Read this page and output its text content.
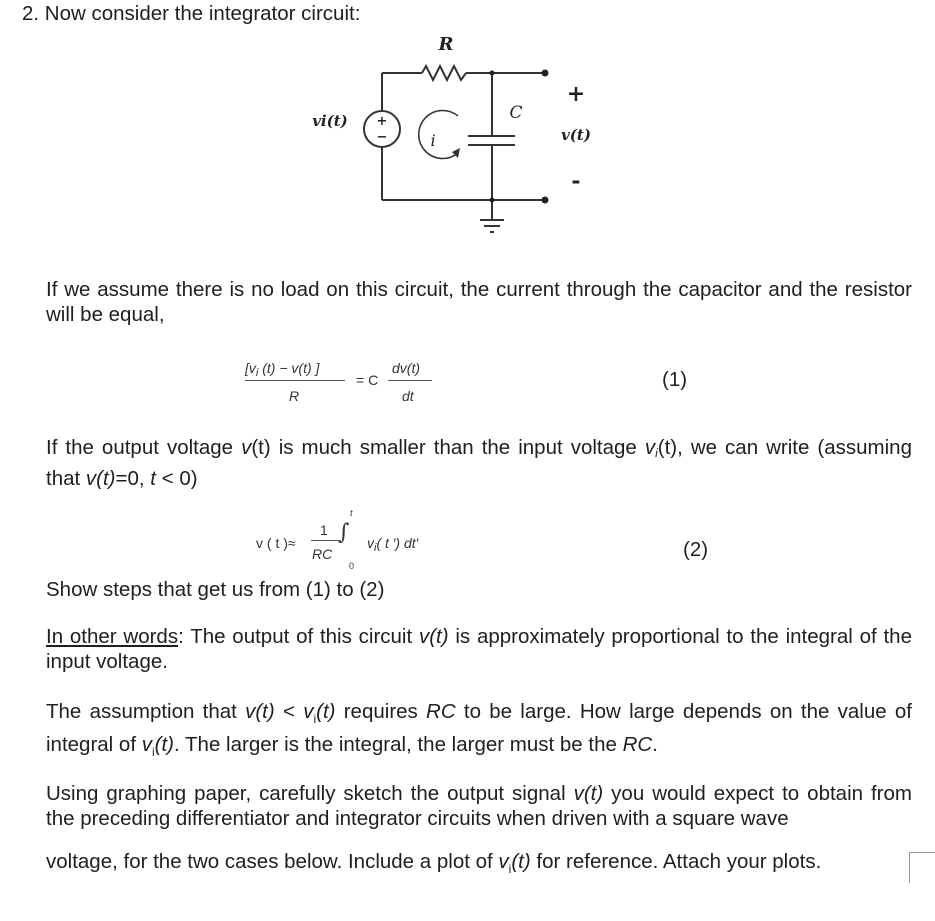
2. Now consider the integrator circuit:
+
−
R
C
i
vi(t)
+
v(t)
-
If we assume there is no load on this circuit, the current through the capacitor and the resistor will be equal,
[$v_i$ (t) − v(t) ]
R
= C
dv(t)
dt
(1)
If the output voltage v(t) is much smaller than the input voltage $v_i(t)$, we can write (assuming that v(t)=0, t < 0)
v ( t )≈
1
RC
∫
t
0
$v_i$( t ′) dt′	(2)
Show steps that get us from (1) to (2)
In other words: The output of this circuit v(t) is approximately proportional to the integral of the input voltage.
The assumption that $v(t) < v_i(t)$ requires RC to be large. How large depends on the value of integral of $v_i(t)$. The larger is the integral, the larger must be the RC.
Using graphing paper, carefully sketch the output signal v(t) you would expect to obtain from the preceding differentiator and integrator circuits when driven with a square wave
voltage, for the two cases below. Include a plot of $v_i(t)$ for reference. Attach your plots.
